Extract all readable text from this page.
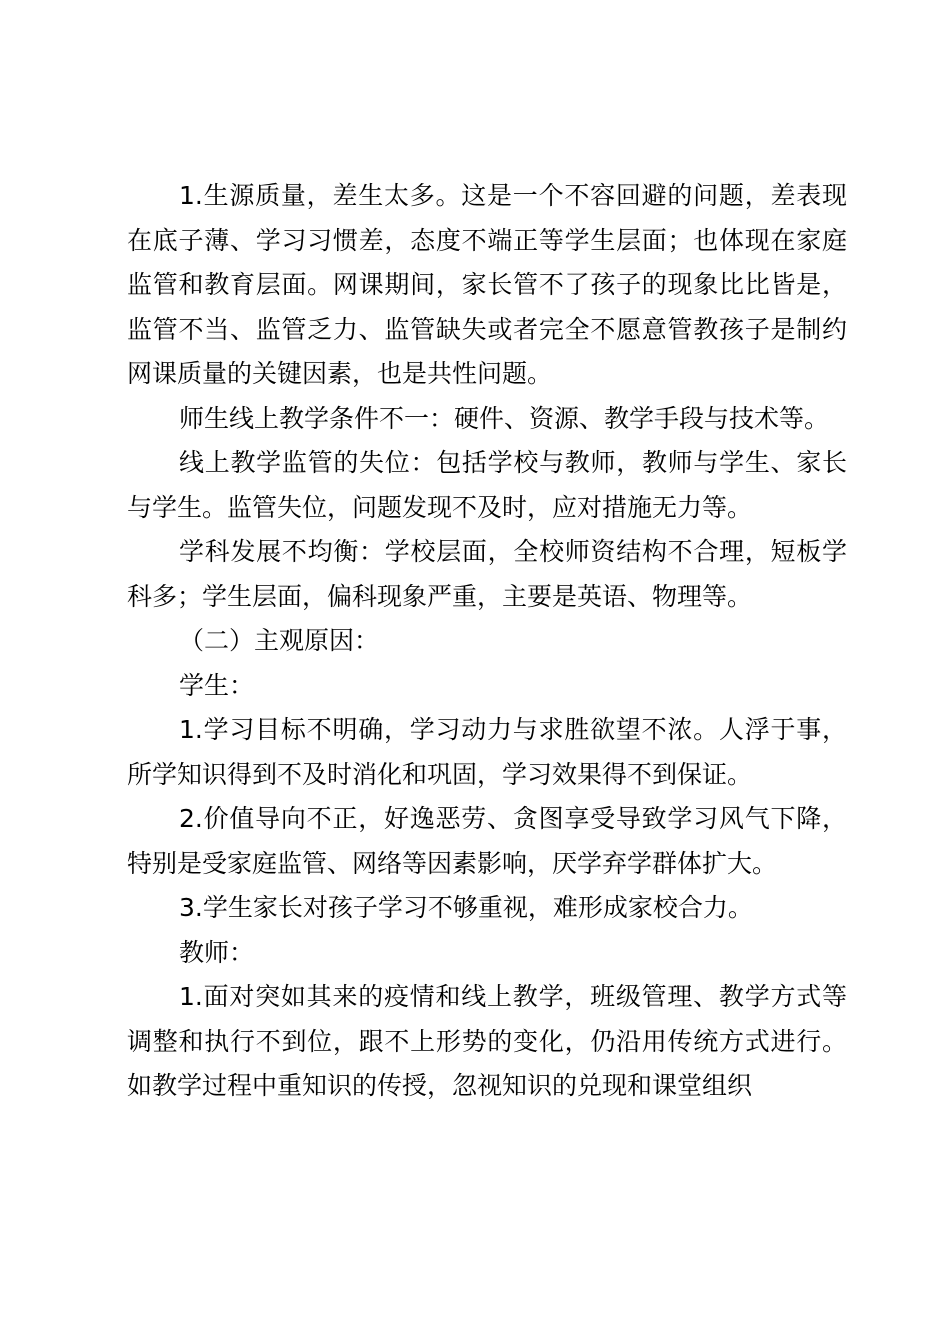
1.生源质量，差生太多。这是一个不容回避的问题，差表现在底子薄、学习习惯差，态度不端正等学生层面；也体现在家庭监管和教育层面。网课期间，家长管不了孩子的现象比比皆是，监管不当、监管乏力、监管缺失或者完全不愿意管教孩子是制约网课质量的关键因素，也是共性问题。

师生线上教学条件不一：硬件、资源、教学手段与技术等。

线上教学监管的失位：包括学校与教师，教师与学生、家长与学生。监管失位，问题发现不及时，应对措施无力等。

学科发展不均衡：学校层面，全校师资结构不合理，短板学科多；学生层面，偏科现象严重，主要是英语、物理等。

（二）主观原因：

学生：

1.学习目标不明确，学习动力与求胜欲望不浓。人浮于事，所学知识得到不及时消化和巩固，学习效果得不到保证。

2.价值导向不正，好逸恶劳、贪图享受导致学习风气下降，特别是受家庭监管、网络等因素影响，厌学弃学群体扩大。

3.学生家长对孩子学习不够重视，难形成家校合力。

教师：

1.面对突如其来的疫情和线上教学，班级管理、教学方式等调整和执行不到位，跟不上形势的变化，仍沿用传统方式进行。如教学过程中重知识的传授，忽视知识的兑现和课堂组织
